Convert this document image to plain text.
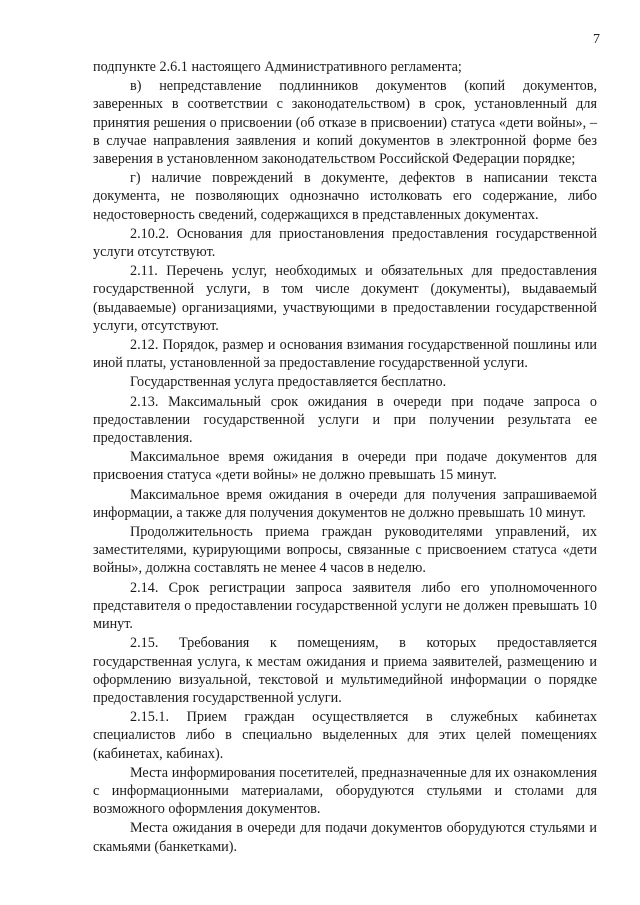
7

подпункте 2.6.1 настоящего Административного регламента;

в) непредставление подлинников документов (копий документов, заверенных в соответствии с законодательством) в срок, установленный для принятия решения о присвоении (об отказе в присвоении) статуса «дети войны», – в случае направления заявления и копий документов в электронной форме без заверения в установленном законодательством Российской Федерации порядке;

г) наличие повреждений в документе, дефектов в написании текста документа, не позволяющих однозначно истолковать его содержание, либо недостоверность сведений, содержащихся в представленных документах.

2.10.2. Основания для приостановления предоставления государственной услуги отсутствуют.

2.11. Перечень услуг, необходимых и обязательных для предоставления государственной услуги, в том числе документ (документы), выдаваемый (выдаваемые) организациями, участвующими в предоставлении государственной услуги, отсутствуют.

2.12. Порядок, размер и основания взимания государственной пошлины или иной платы, установленной за предоставление государственной услуги.

Государственная услуга предоставляется бесплатно.

2.13. Максимальный срок ожидания в очереди при подаче запроса о предоставлении государственной услуги и при получении результата ее предоставления.

Максимальное время ожидания в очереди при подаче документов для присвоения статуса «дети войны» не должно превышать 15 минут.

Максимальное время ожидания в очереди для получения запрашиваемой информации, а также для получения документов не должно превышать 10 минут.

Продолжительность приема граждан руководителями управлений, их заместителями, курирующими вопросы, связанные с присвоением статуса «дети войны», должна составлять не менее 4 часов в неделю.

2.14. Срок регистрации запроса заявителя либо его уполномоченного представителя о предоставлении государственной услуги не должен превышать 10 минут.

2.15. Требования к помещениям, в которых предоставляется государственная услуга, к местам ожидания и приема заявителей, размещению и оформлению визуальной, текстовой и мультимедийной информации о порядке предоставления государственной услуги.

2.15.1. Прием граждан осуществляется в служебных кабинетах специалистов либо в специально выделенных для этих целей помещениях (кабинетах, кабинах).

Места информирования посетителей, предназначенные для их ознакомления с информационными материалами, оборудуются стульями и столами для возможного оформления документов.

Места ожидания в очереди для подачи документов оборудуются стульями и скамьями (банкетками).
